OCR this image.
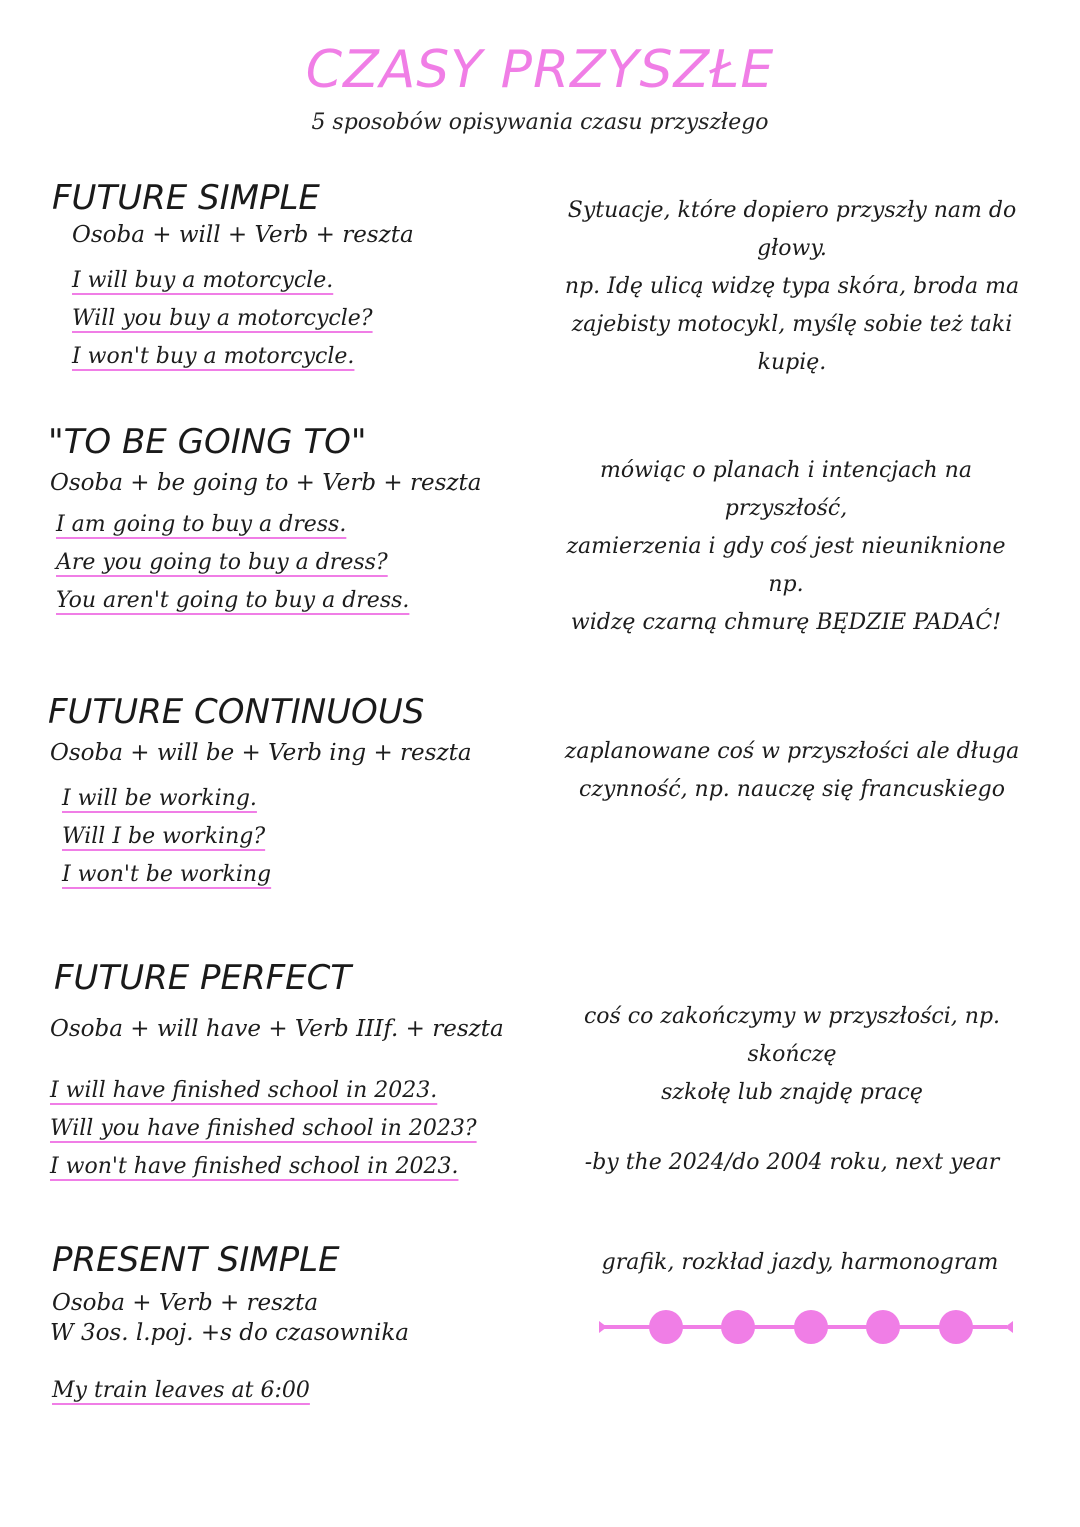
CZASY PRZYSZŁE
5 sposobów opisywania czasu przyszłego
FUTURE SIMPLE
Osoba + will + Verb + reszta
I will buy a motorcycle.
Will you buy a motorcycle?
I won't buy a motorcycle.
Sytuacje, które dopiero przyszły nam do głowy.
np. Idę ulicą widzę typa skóra, broda ma
zajebisty motocykl, myślę sobie też taki kupię.
"TO BE GOING TO"
Osoba + be going to + Verb + reszta
I am going to buy a dress.
Are you going to buy a dress?
You aren't going to buy a dress.
mówiąc o planach i intencjach na przyszłość,
zamierzenia i gdy coś jest nieuniknione np.
widzę czarną chmurę BĘDZIE PADAĆ!
FUTURE CONTINUOUS
Osoba + will be + Verb ing + reszta
I will be working.
Will I be working?
I won't be working
zaplanowane coś w przyszłości ale długa
czynność, np. nauczę się francuskiego
FUTURE PERFECT
Osoba + will have + Verb IIIf. + reszta
I will have finished school in 2023.
Will you have finished school in 2023?
I won't have finished school in 2023.
coś co zakończymy w przyszłości, np. skończę
szkołę lub znajdę pracę
-by the 2024/do 2004 roku, next year
PRESENT SIMPLE
Osoba + Verb + reszta
W 3os. l.poj. +s do czasownika
My train leaves at 6:00
grafik, rozkład jazdy, harmonogram
